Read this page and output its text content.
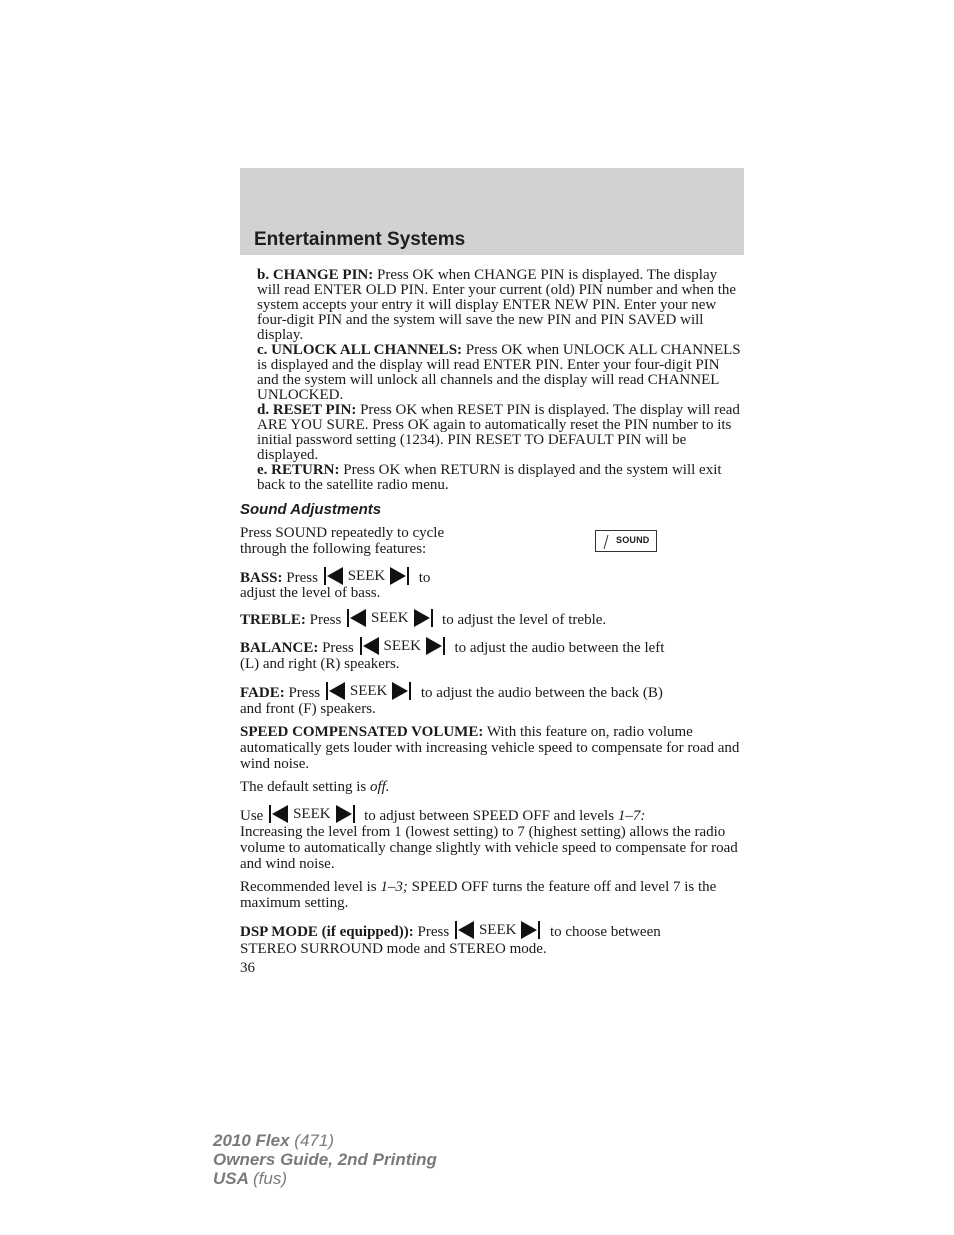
Entertainment Systems

b. CHANGE PIN: Press OK when CHANGE PIN is displayed. The display will read ENTER OLD PIN. Enter your current (old) PIN number and when the system accepts your entry it will display ENTER NEW PIN. Enter your new four-digit PIN and the system will save the new PIN and PIN SAVED will display.

c. UNLOCK ALL CHANNELS: Press OK when UNLOCK ALL CHANNELS is displayed and the display will read ENTER PIN. Enter your four-digit PIN and the system will unlock all channels and the display will read CHANNEL UNLOCKED.

d. RESET PIN: Press OK when RESET PIN is displayed. The display will read ARE YOU SURE. Press OK again to automatically reset the PIN number to its initial password setting (1234). PIN RESET TO DEFAULT PIN will be displayed.

e. RETURN: Press OK when RETURN is displayed and the system will exit back to the satellite radio menu.

Sound Adjustments

Press SOUND repeatedly to cycle

through the following features:

SOUND

BASS: Press SEEK to

adjust the level of bass.

TREBLE: Press SEEK to adjust the level of treble.

BALANCE: Press SEEK to adjust the audio between the left

(L) and right (R) speakers.

FADE: Press SEEK to adjust the audio between the back (B)

and front (F) speakers.

SPEED COMPENSATED VOLUME: With this feature on, radio volume automatically gets louder with increasing vehicle speed to compensate for road and wind noise.

The default setting is off.

Use SEEK to adjust between SPEED OFF and levels 1–7:

Increasing the level from 1 (lowest setting) to 7 (highest setting) allows the radio volume to automatically change slightly with vehicle speed to compensate for road and wind noise.

Recommended level is 1–3; SPEED OFF turns the feature off and level 7 is the maximum setting.

DSP MODE (if equipped)): Press SEEK to choose between

STEREO SURROUND mode and STEREO mode.

36
2010 Flex (471)
Owners Guide, 2nd Printing
USA (fus)
